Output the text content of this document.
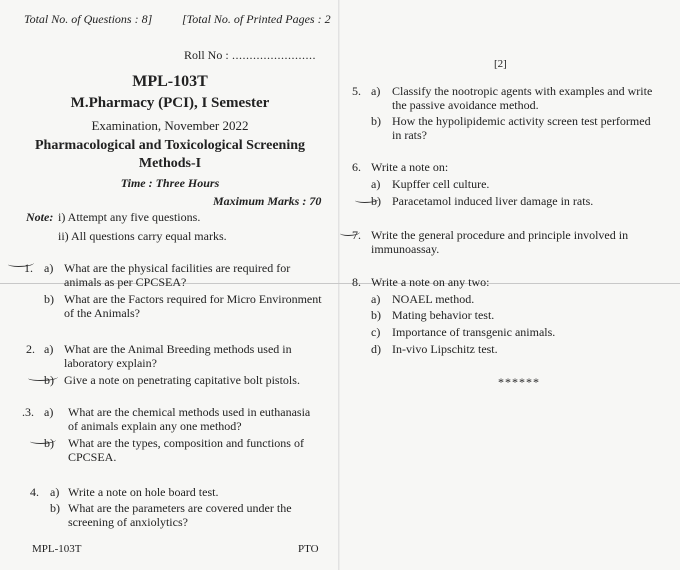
Total No. of Questions : 8] [Total No. of Printed Pages : 2
Roll No : ........................
MPL-103T
M.Pharmacy (PCI), I Semester
Examination, November 2022
Pharmacological and Toxicological Screening
Methods-I
Time : Three Hours
Maximum Marks : 70
Note: i) Attempt any five questions.
ii) All questions carry equal marks.
1. a) What are the physical facilities are required for animals as per CPCSEA?
b) What are the Factors required for Micro Environment of the Animals?
2. a) What are the Animal Breeding methods used in laboratory explain?
b) Give a note on penetrating capitative bolt pistols.
.3. a) What are the chemical methods used in euthanasia of animals explain any one method?
b) What are the types, composition and functions of CPCSEA.
4. a) Write a note on hole board test.
b) What are the parameters are covered under the screening of anxiolytics?
MPL-103T	PTO
[2]
5. a) Classify the nootropic agents with examples and write the passive avoidance method.
b) How the hypolipidemic activity screen test performed in rats?
6. Write a note on:
a) Kupffer cell culture.
b) Paracetamol induced liver damage in rats.
7. Write the general procedure and principle involved in immunoassay.
8. Write a note on any two:
a) NOAEL method.
b) Mating behavior test.
c) Importance of transgenic animals.
d) In-vivo Lipschitz test.
******
